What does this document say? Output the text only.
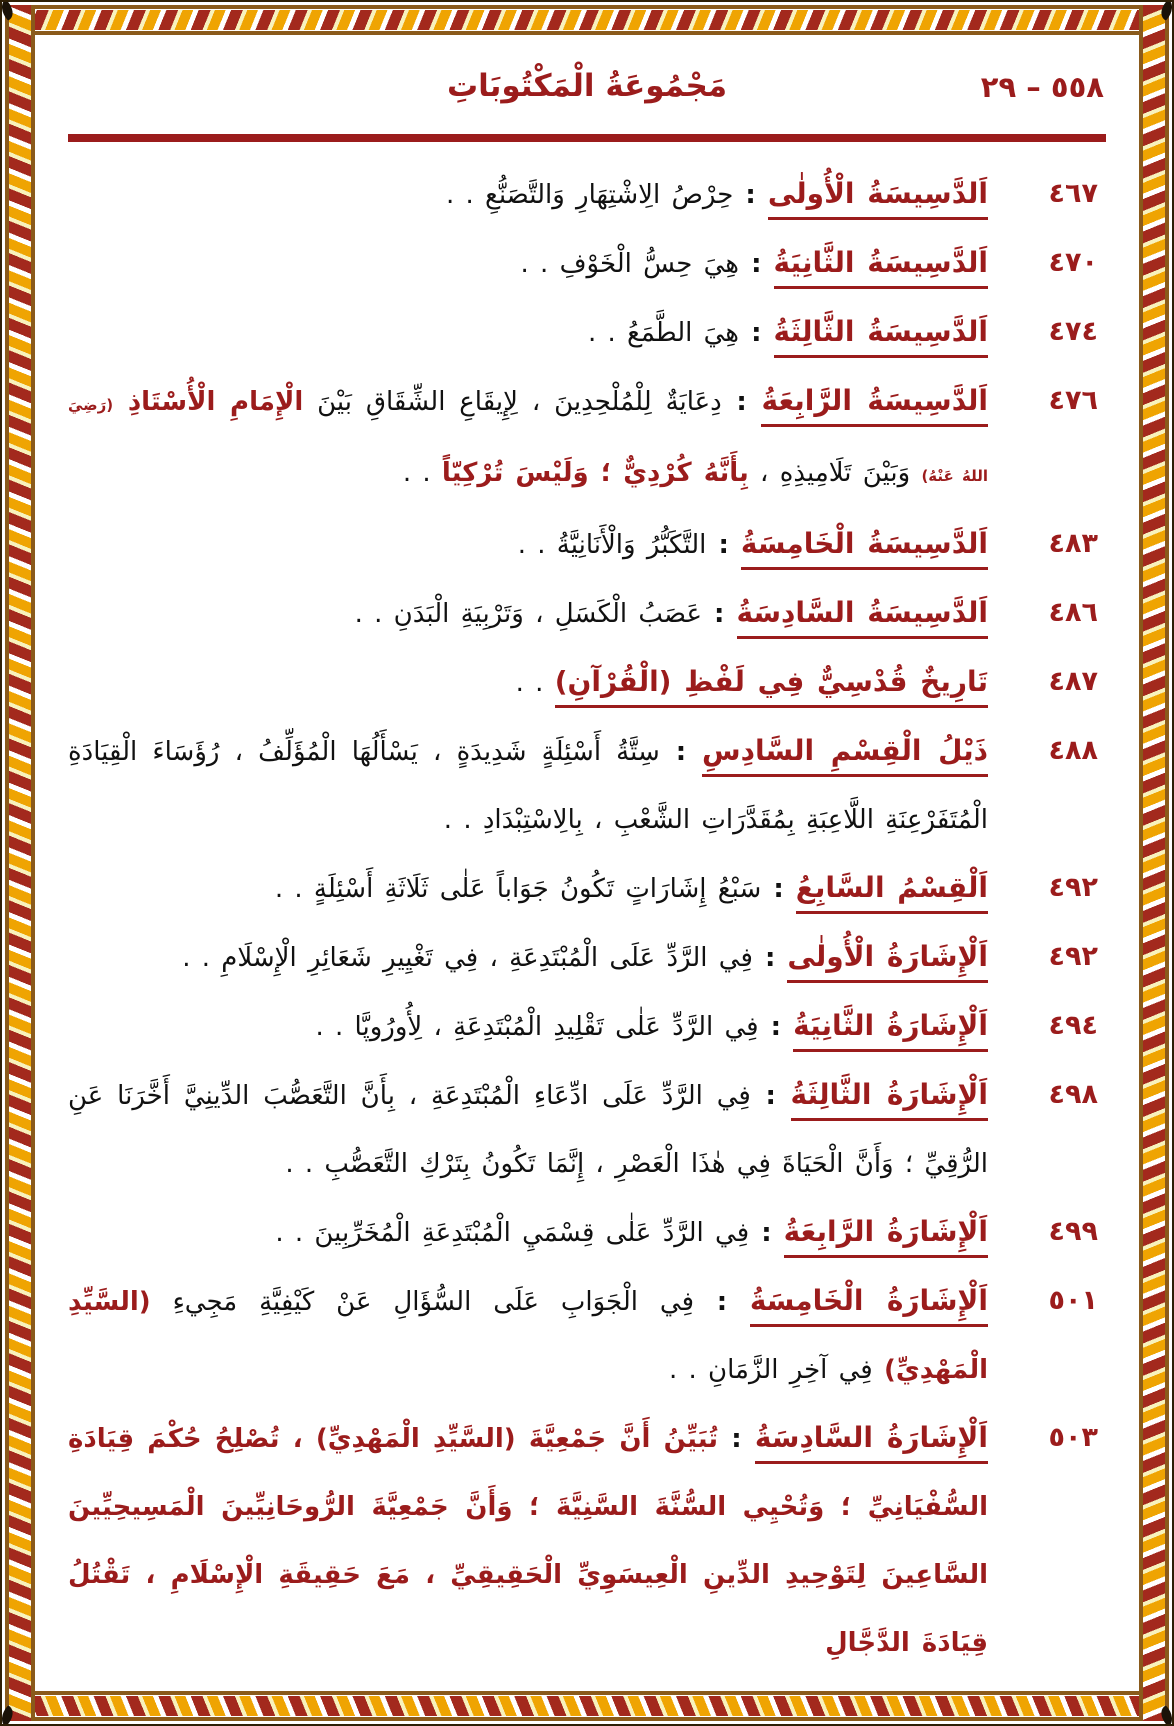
٥٥٨ – ٢٩
مَجْمُوعَةُ الْمَكْتُوبَاتِ
٤٦٧
اَلدَّسِيسَةُ الْأُولٰى : حِرْصُ الِاشْتِهَارِ وَالتَّصَنُّعِ . .
٤٧٠
اَلدَّسِيسَةُ الثَّانِيَةُ : هِيَ حِسُّ الْخَوْفِ . .
٤٧٤
اَلدَّسِيسَةُ الثَّالِثَةُ : هِيَ الطَّمَعُ . .
٤٧٦
اَلدَّسِيسَةُ الرَّابِعَةُ : دِعَايَةٌ لِلْمُلْحِدِينَ ، لِإِيقَاعِ الشِّقَاقِ بَيْنَ الْإِمَامِ الْأُسْتَاذِ (رَضِيَ اللهُ عَنْهُ) وَبَيْنَ تَلَامِيذِهِ ، بِأَنَّهُ كُرْدِيٌّ ؛ وَلَيْسَ تُرْكِيّاً . .
٤٨٣
اَلدَّسِيسَةُ الْخَامِسَةُ : التَّكَبُّرُ وَالْأَنَانِيَّةُ . .
٤٨٦
اَلدَّسِيسَةُ السَّادِسَةُ : عَصَبُ الْكَسَلِ ، وَتَرْبِيَةِ الْبَدَنِ . .
٤٨٧
تَارِيخٌ قُدْسِيٌّ فِي لَفْظِ (الْقُرْآنِ) . .
٤٨٨
ذَيْلُ الْقِسْمِ السَّادِسِ : سِتَّةُ أَسْئِلَةٍ شَدِيدَةٍ ، يَسْأَلُهَا الْمُؤَلِّفُ ، رُؤَسَاءَ الْقِيَادَةِ الْمُتَفَرْعِنَةِ اللَّاعِبَةِ بِمُقَدَّرَاتِ الشَّعْبِ ، بِالِاسْتِبْدَادِ . .
٤٩٢
اَلْقِسْمُ السَّابِعُ : سَبْعُ إِشَارَاتٍ تَكُونُ جَوَاباً عَلٰى ثَلَاثَةِ أَسْئِلَةٍ . .
٤٩٢
اَلْإِشَارَةُ الْأُولٰى : فِي الرَّدِّ عَلَى الْمُبْتَدِعَةِ ، فِي تَغْيِيرِ شَعَائِرِ الْإِسْلَامِ . .
٤٩٤
اَلْإِشَارَةُ الثَّانِيَةُ : فِي الرَّدِّ عَلٰى تَقْلِيدِ الْمُبْتَدِعَةِ ، لِأُورُوپَّا . .
٤٩٨
اَلْإِشَارَةُ الثَّالِثَةُ : فِي الرَّدِّ عَلَى ادِّعَاءِ الْمُبْتَدِعَةِ ، بِأَنَّ التَّعَصُّبَ الدِّينِيَّ أَخَّرَنَا عَنِ الرُّقِيِّ ؛ وَأَنَّ الْحَيَاةَ فِي هٰذَا الْعَصْرِ ، إِنَّمَا تَكُونُ بِتَرْكِ التَّعَصُّبِ . .
٤٩٩
اَلْإِشَارَةُ الرَّابِعَةُ : فِي الرَّدِّ عَلٰى قِسْمَيِ الْمُبْتَدِعَةِ الْمُخَرِّبِينَ . .
٥٠١
اَلْإِشَارَةُ الْخَامِسَةُ : فِي الْجَوَابِ عَلَى السُّؤَالِ عَنْ كَيْفِيَّةِ مَجِيءِ (السَّيِّدِ الْمَهْدِيِّ) فِي آخِرِ الزَّمَانِ . .
٥٠٣
اَلْإِشَارَةُ السَّادِسَةُ : تُبَيِّنُ أَنَّ جَمْعِيَّةَ (السَّيِّدِ الْمَهْدِيِّ) ، تُصْلِحُ حُكْمَ قِيَادَةِ السُّفْيَانِيِّ ؛ وَتُحْيِي السُّنَّةَ السَّنِيَّةَ ؛ وَأَنَّ جَمْعِيَّةَ الرُّوحَانِيِّينَ الْمَسِيحِيِّينَ السَّاعِينَ لِتَوْحِيدِ الدِّينِ الْعِيسَوِيِّ الْحَقِيقِيِّ ، مَعَ حَقِيقَةِ الْإِسْلَامِ ، تَقْتُلُ قِيَادَةَ الدَّجَّالِ
